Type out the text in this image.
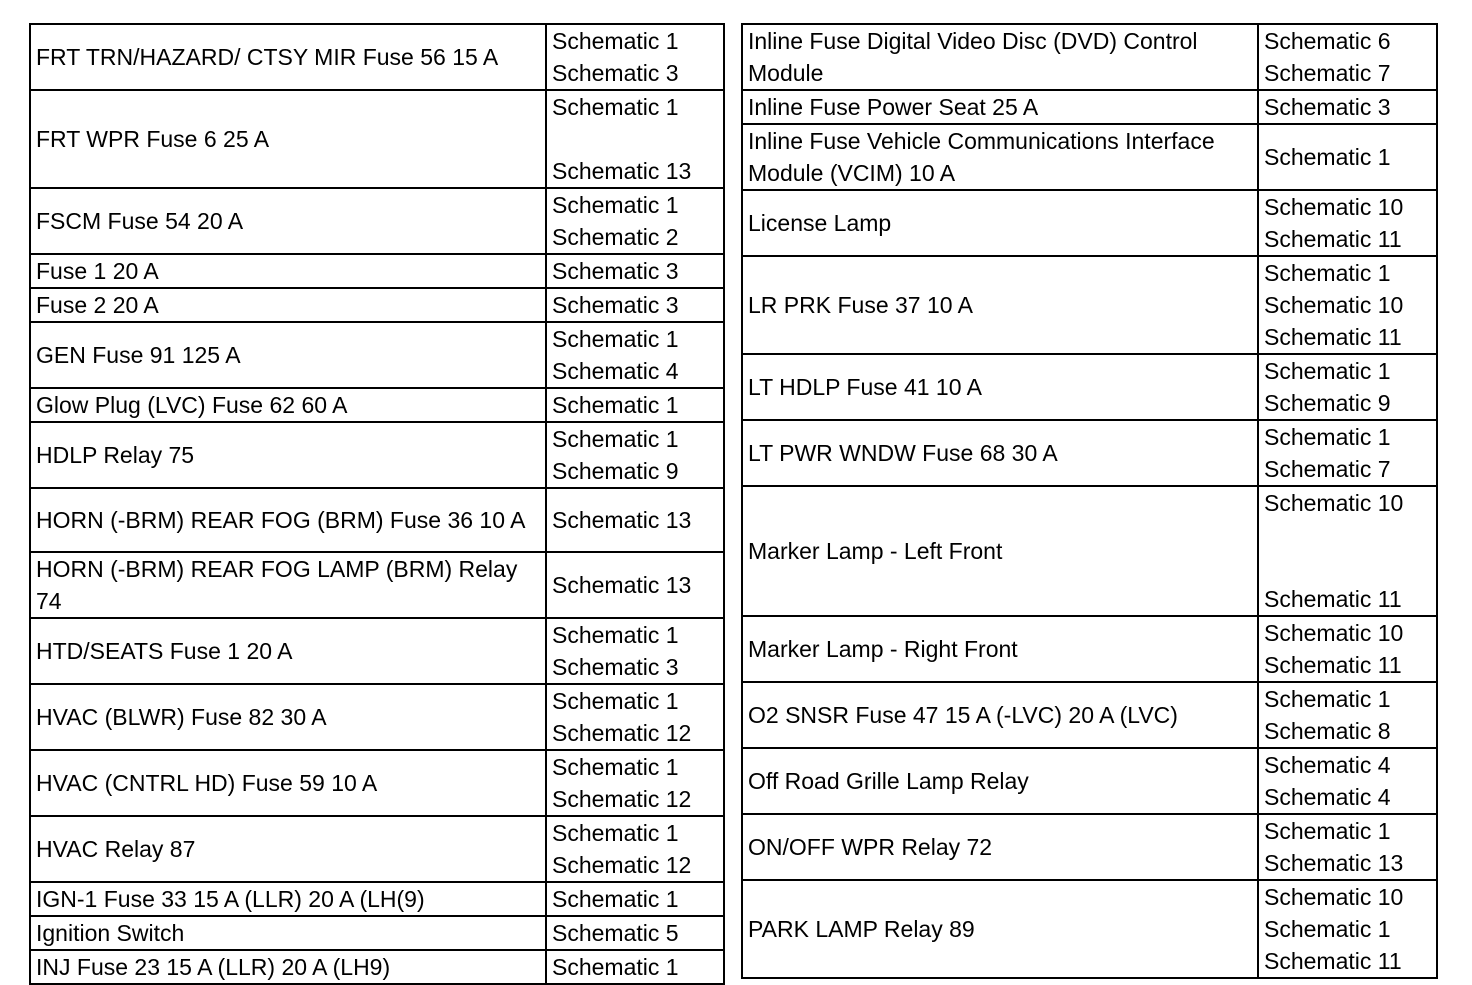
FRT TRN/HAZARD/ CTSY MIR Fuse 56 15 A	Schematic 1
Schematic 3

FRT WPR Fuse 6 25 A	Schematic 1
Schematic 13

FSCM Fuse 54 20 A	Schematic 1
Schematic 2

Fuse 1 20 A	Schematic 3

Fuse 2 20 A	Schematic 3

GEN Fuse 91 125 A	Schematic 1
Schematic 4

Glow Plug (LVC) Fuse 62 60 A	Schematic 1

HDLP Relay 75	Schematic 1
Schematic 9

HORN (-BRM) REAR FOG (BRM) Fuse 36 10 A	Schematic 13

HORN (-BRM) REAR FOG LAMP (BRM) Relay 74	Schematic 13

HTD/SEATS Fuse 1 20 A	Schematic 1
Schematic 3

HVAC (BLWR) Fuse 82 30 A	Schematic 1
Schematic 12

HVAC (CNTRL HD) Fuse 59 10 A	Schematic 1
Schematic 12

HVAC Relay 87	Schematic 1
Schematic 12

IGN-1 Fuse 33 15 A (LLR) 20 A (LH(9)	Schematic 1

Ignition Switch	Schematic 5

INJ Fuse 23 15 A (LLR) 20 A (LH9)	Schematic 1
Inline Fuse Digital Video Disc (DVD) Control Module	Schematic 6
Schematic 7

Inline Fuse Power Seat 25 A	Schematic 3

Inline Fuse Vehicle Communications Interface Module (VCIM) 10 A	Schematic 1

License Lamp	Schematic 10
Schematic 11

LR PRK Fuse 37 10 A	Schematic 1
Schematic 10
Schematic 11

LT HDLP Fuse 41 10 A	Schematic 1
Schematic 9

LT PWR WNDW Fuse 68 30 A	Schematic 1
Schematic 7

Marker Lamp - Left Front	Schematic 10
Schematic 11

Marker Lamp - Right Front	Schematic 10
Schematic 11

O2 SNSR Fuse 47 15 A (-LVC) 20 A (LVC)	Schematic 1
Schematic 8

Off Road Grille Lamp Relay	Schematic 4
Schematic 4

ON/OFF WPR Relay 72	Schematic 1
Schematic 13

PARK LAMP Relay 89	Schematic 10
Schematic 1
Schematic 11
